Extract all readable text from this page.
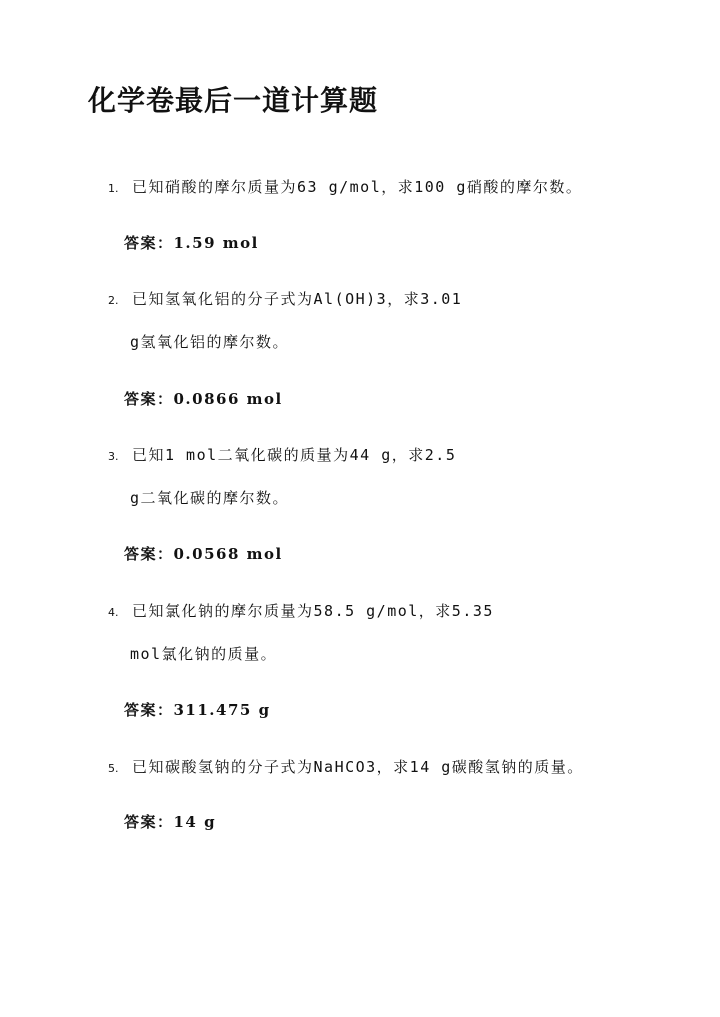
化学卷最后一道计算题
1. 已知硝酸的摩尔质量为63 g/mol，求100 g硝酸的摩尔数。
答案：1.59 mol
2. 已知氢氧化铝的分子式为Al(OH)3，求3.01
g氢氧化铝的摩尔数。
答案：0.0866 mol
3. 已知1 mol二氧化碳的质量为44 g，求2.5
g二氧化碳的摩尔数。
答案：0.0568 mol
4. 已知氯化钠的摩尔质量为58.5 g/mol，求5.35
mol氯化钠的质量。
答案：311.475 g
5. 已知碳酸氢钠的分子式为NaHCO3，求14 g碳酸氢钠的质量。
答案：14 g
